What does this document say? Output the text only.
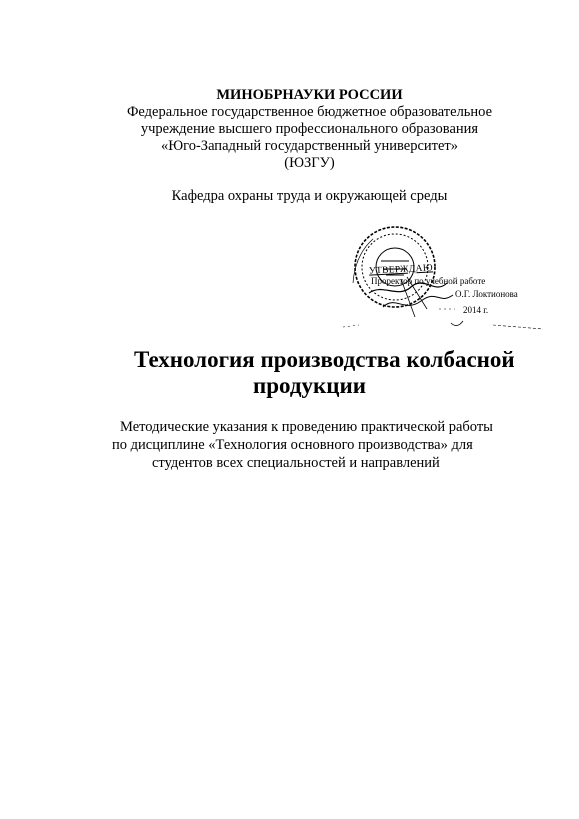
МИНОБРНАУКИ РОССИИ
Федеральное государственное бюджетное образовательное
учреждение высшего профессионального образования
«Юго-Западный государственный университет»
(ЮЗГУ)
Кафедра охраны труда и окружающей среды
УТВЕРЖДАЮ
Проректор по учебной работе
О.Г. Локтионова
2014 г.
Технология производства колбасной
продукции
Методические указания к проведению практической работы
по дисциплине «Технология основного производства» для
студентов всех специальностей и направлений
